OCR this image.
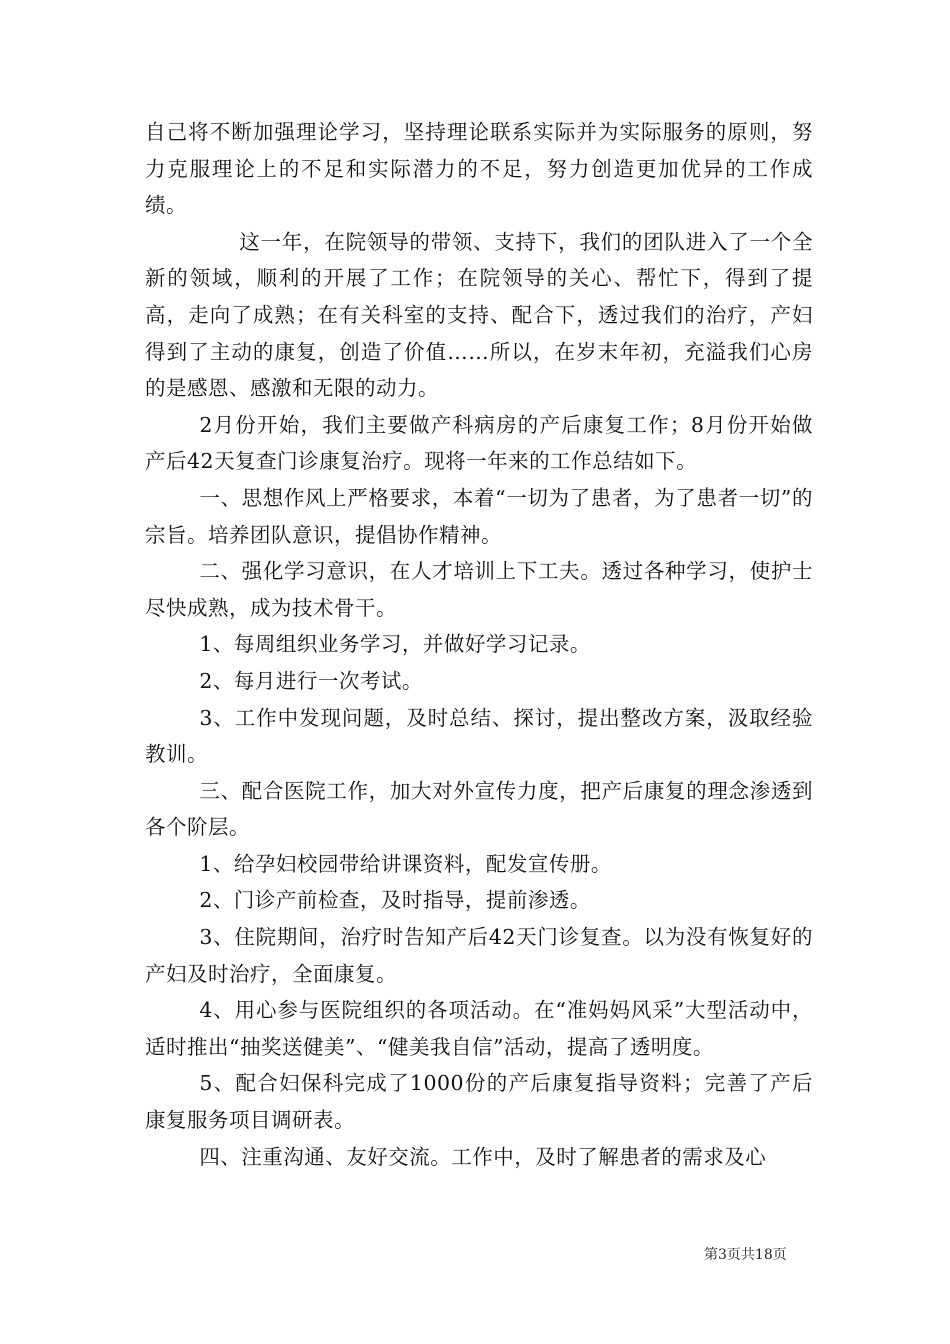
自己将不断加强理论学习，坚持理论联系实际并为实际服务的原则，努力克服理论上的不足和实际潜力的不足，努力创造更加优异的工作成绩。

这一年，在院领导的带领、支持下，我们的团队进入了一个全新的领域，顺利的开展了工作；在院领导的关心、帮忙下，得到了提高，走向了成熟；在有关科室的支持、配合下，透过我们的治疗，产妇得到了主动的康复，创造了价值……所以，在岁末年初，充溢我们心房的是感恩、感激和无限的动力。

2月份开始，我们主要做产科病房的产后康复工作；8月份开始做产后42天复查门诊康复治疗。现将一年来的工作总结如下。

一、思想作风上严格要求，本着“一切为了患者，为了患者一切”的宗旨。培养团队意识，提倡协作精神。

二、强化学习意识，在人才培训上下工夫。透过各种学习，使护士尽快成熟，成为技术骨干。

1、每周组织业务学习，并做好学习记录。

2、每月进行一次考试。

3、工作中发现问题，及时总结、探讨，提出整改方案，汲取经验教训。

三、配合医院工作，加大对外宣传力度，把产后康复的理念渗透到各个阶层。

1、给孕妇校园带给讲课资料，配发宣传册。

2、门诊产前检查，及时指导，提前渗透。

3、住院期间，治疗时告知产后42天门诊复查。以为没有恢复好的产妇及时治疗，全面康复。

4、用心参与医院组织的各项活动。在“准妈妈风采”大型活动中，适时推出“抽奖送健美”、“健美我自信”活动，提高了透明度。

5、配合妇保科完成了1000份的产后康复指导资料；完善了产后康复服务项目调研表。

四、注重沟通、友好交流。工作中，及时了解患者的需求及心

第3页共18页
